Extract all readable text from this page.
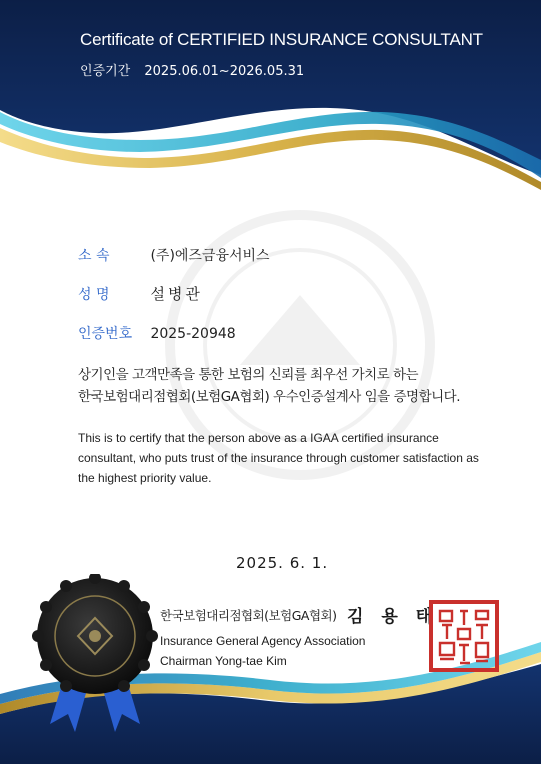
Certificate of CERTIFIED INSURANCE CONSULTANT
인증기간 2025.06.01~2026.05.31
소 속	(주)에즈금융서비스
성 명	설병관
인증번호 2025-20948
상기인을 고객만족을 통한 보험의 신뢰를 최우선 가치로 하는
한국보험대리점협회(보험GA협회) 우수인증설계사 임을 증명합니다.
This is to certify that the person above as a IGAA certified insurance consultant, who puts trust of the insurance through customer satisfaction as the highest priority value.
2025. 6. 1.
한국보험대리점협회(보험GA협회) 김 용 태
Insurance General Agency Association
Chairman Yong-tae Kim
